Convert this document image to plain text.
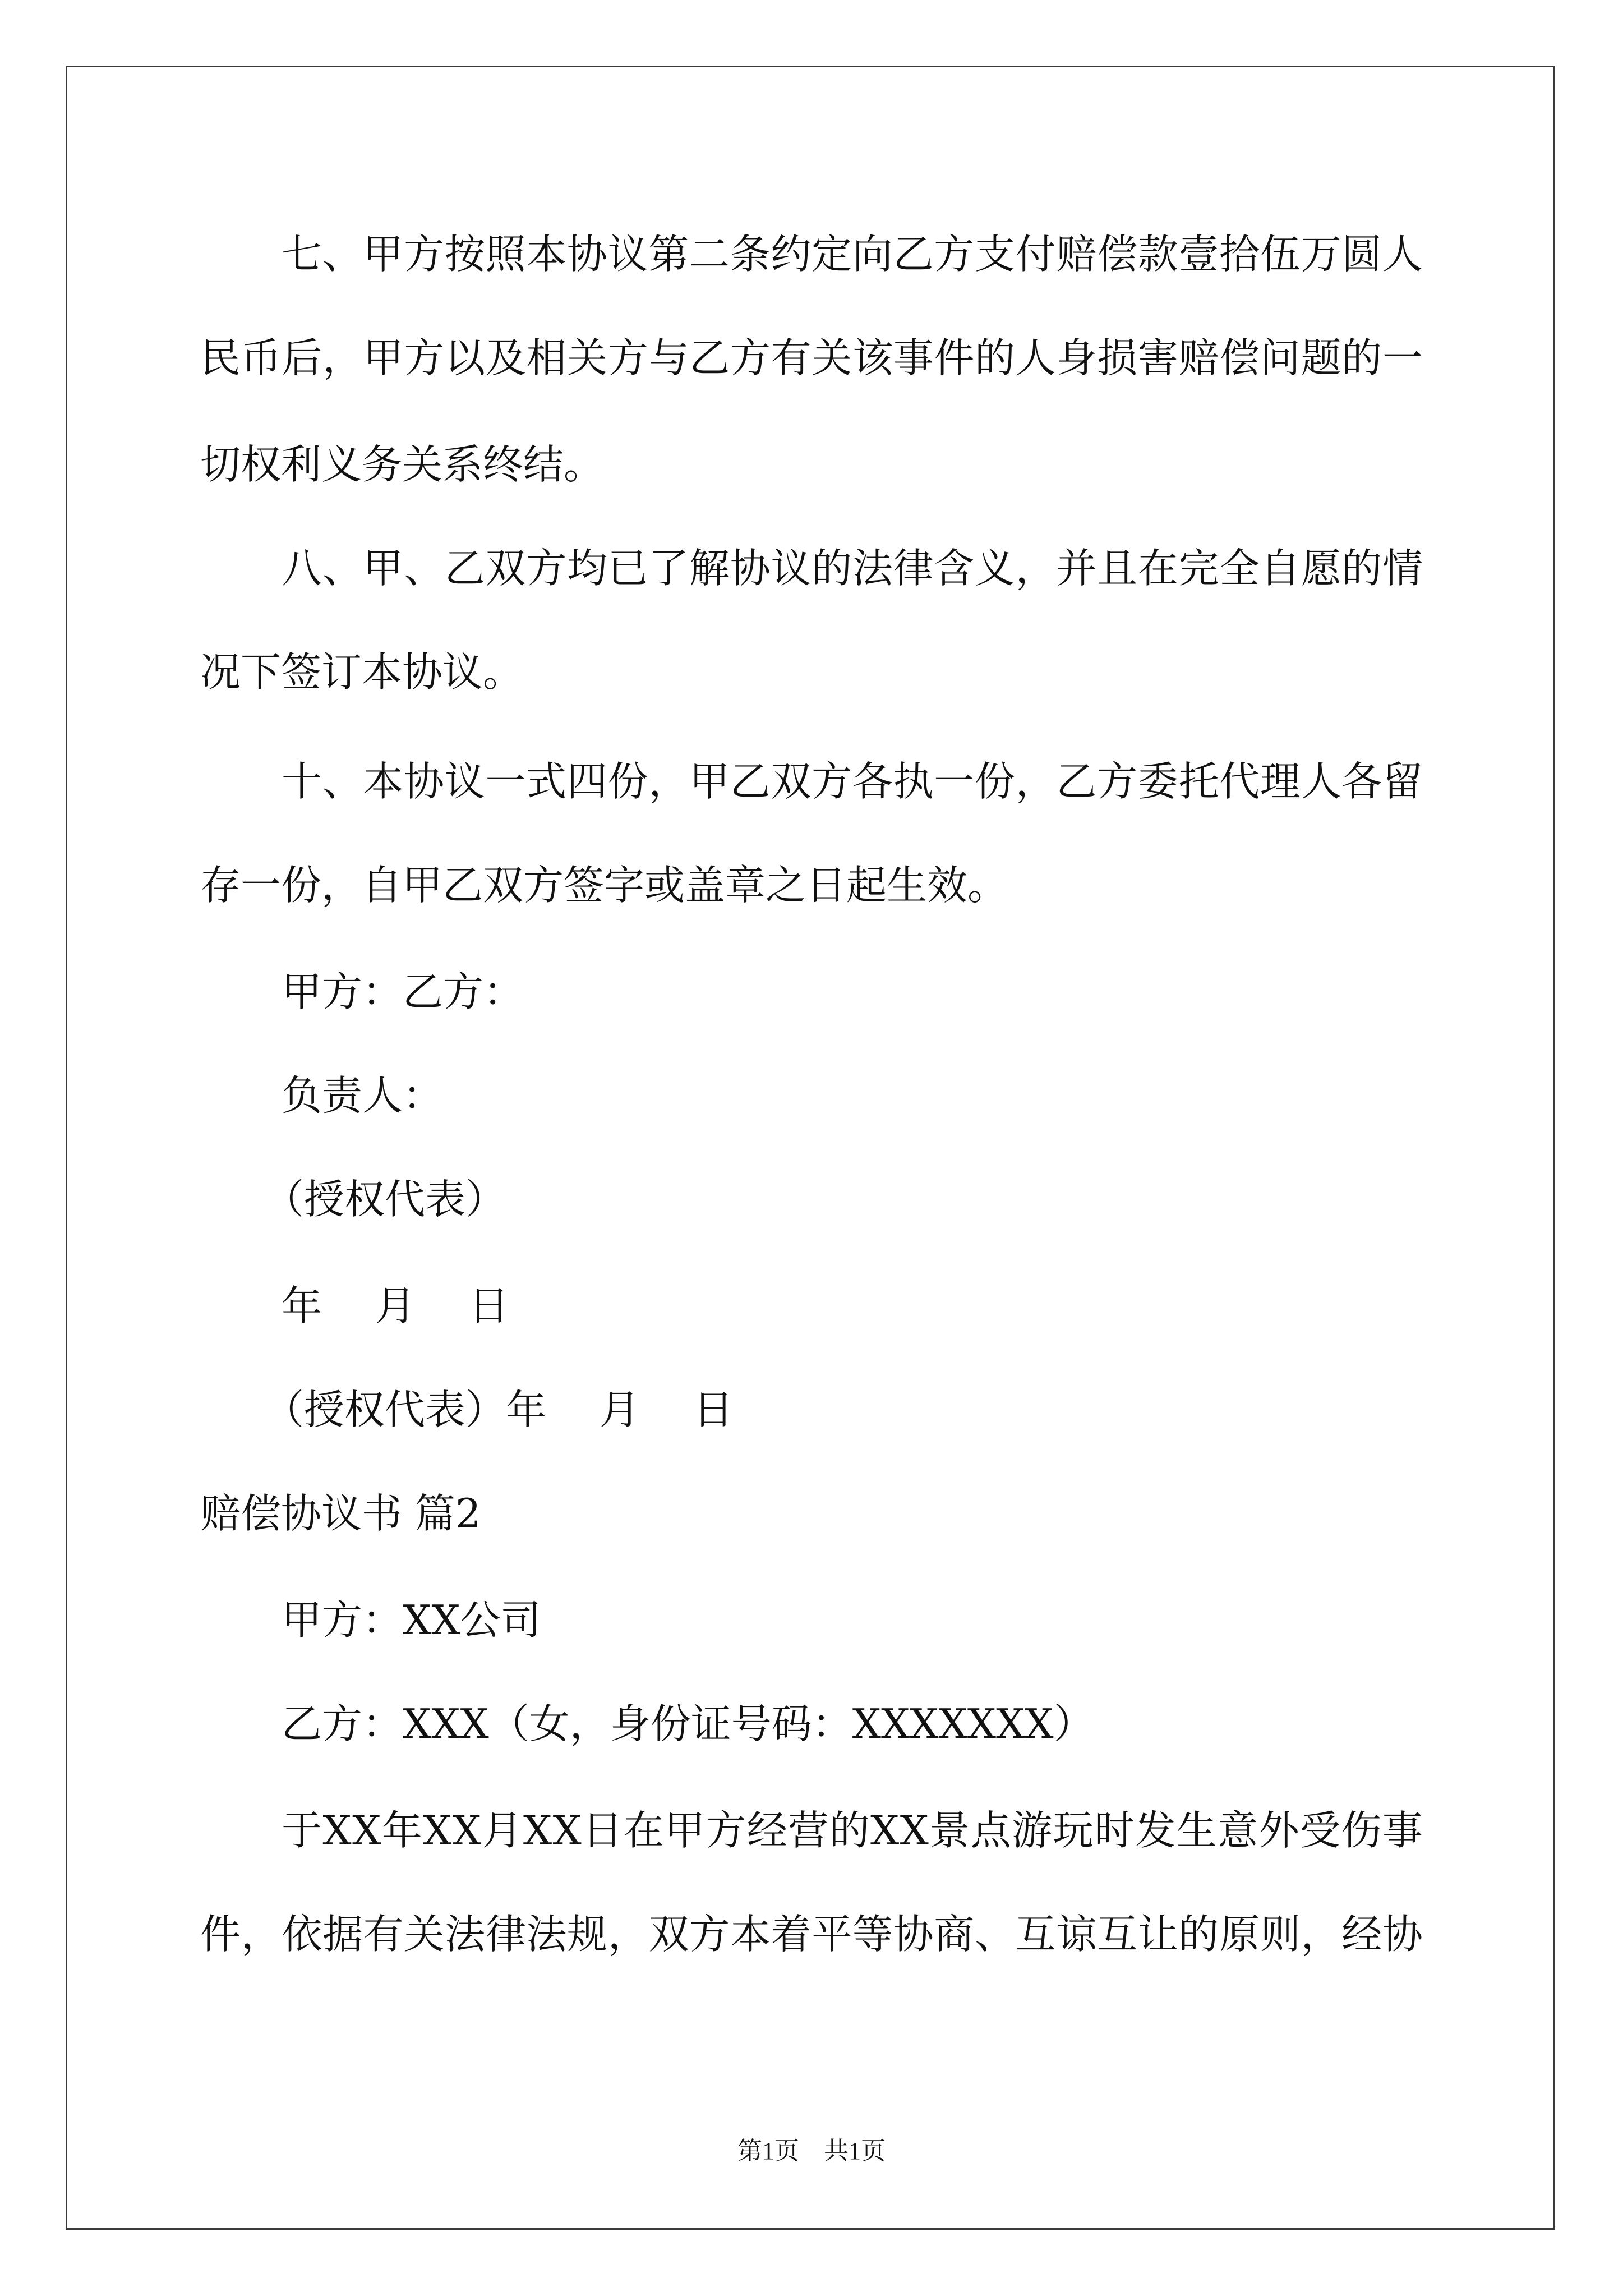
七 、 甲 方 按 照 本 协 议 第 二 条 约 定 向 乙 方 支 付 赔 偿 款 壹 拾 伍 万 圆 人
民 币 后 ， 甲 方 以 及 相 关 方 与 乙 方 有 关 该 事 件 的 人 身 损 害 赔 偿 问 题 的 一
切权利义务关系终结。
八 、 甲 、 乙 双 方 均 已 了 解 协 议 的 法 律 含 义 ， 并 且 在 完 全 自 愿 的 情
况下签订本协议。
十 、 本 协 议 一 式 四 份 ， 甲 乙 双 方 各 执 一 份 ， 乙 方 委 托 代 理 人 各 留
存一份，自甲乙双方签字或盖章之日起生效。
甲方：乙方：
负责人：
（授权代表）
年　 月　 日
（授权代表）年　 月　 日
赔偿协议书 篇2
甲方：XX公司
乙方：XXX（女，身份证号码：XXXXXXX）
于 X X 年 X X 月 X X 日 在 甲 方 经 营 的 X X 景 点 游 玩 时 发 生 意 外 受 伤 事
件 ， 依 据 有 关 法 律 法 规 ， 双 方 本 着 平 等 协 商 、 互 谅 互 让 的 原 则 ， 经 协
第1页　共1页
